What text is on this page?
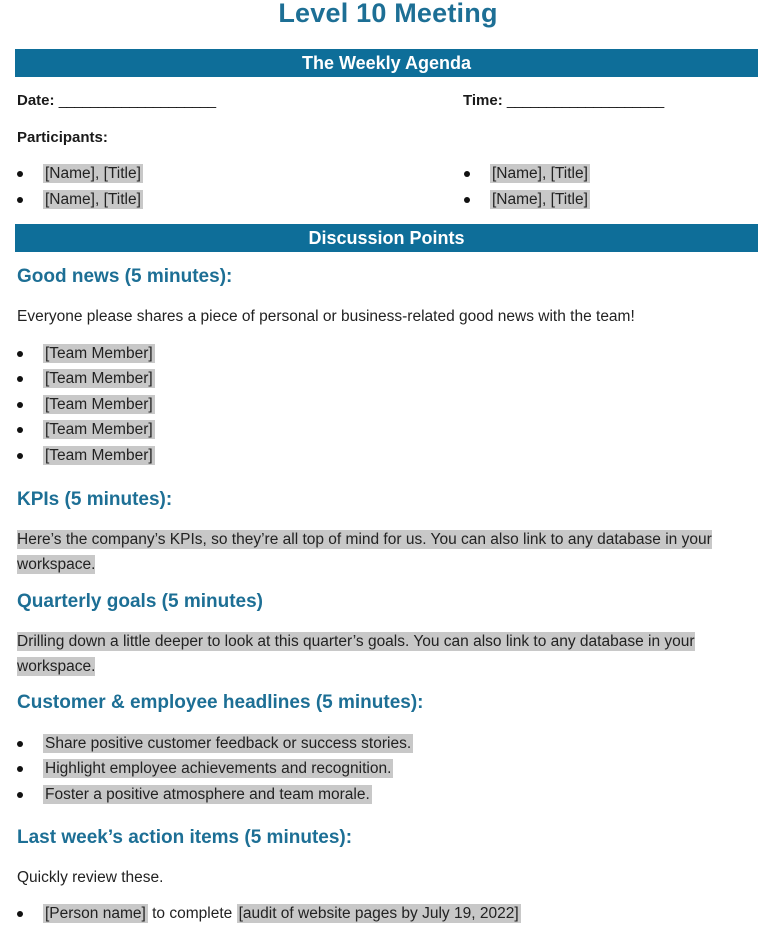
Level 10 Meeting
The Weekly Agenda
Date: ____________________	Time: ____________________
Participants:
[Name], [Title]
[Name], [Title]
[Name], [Title]
[Name], [Title]
Discussion Points
Good news (5 minutes):
Everyone please shares a piece of personal or business-related good news with the team!
[Team Member]
[Team Member]
[Team Member]
[Team Member]
[Team Member]
KPIs (5 minutes):
Here’s the company’s KPIs, so they’re all top of mind for us. You can also link to any database in your workspace.
Quarterly goals (5 minutes)
Drilling down a little deeper to look at this quarter’s goals. You can also link to any database in your workspace.
Customer & employee headlines (5 minutes):
Share positive customer feedback or success stories.
Highlight employee achievements and recognition.
Foster a positive atmosphere and team morale.
Last week’s action items (5 minutes):
Quickly review these.
[Person name] to complete [audit of website pages by July 19, 2022]
